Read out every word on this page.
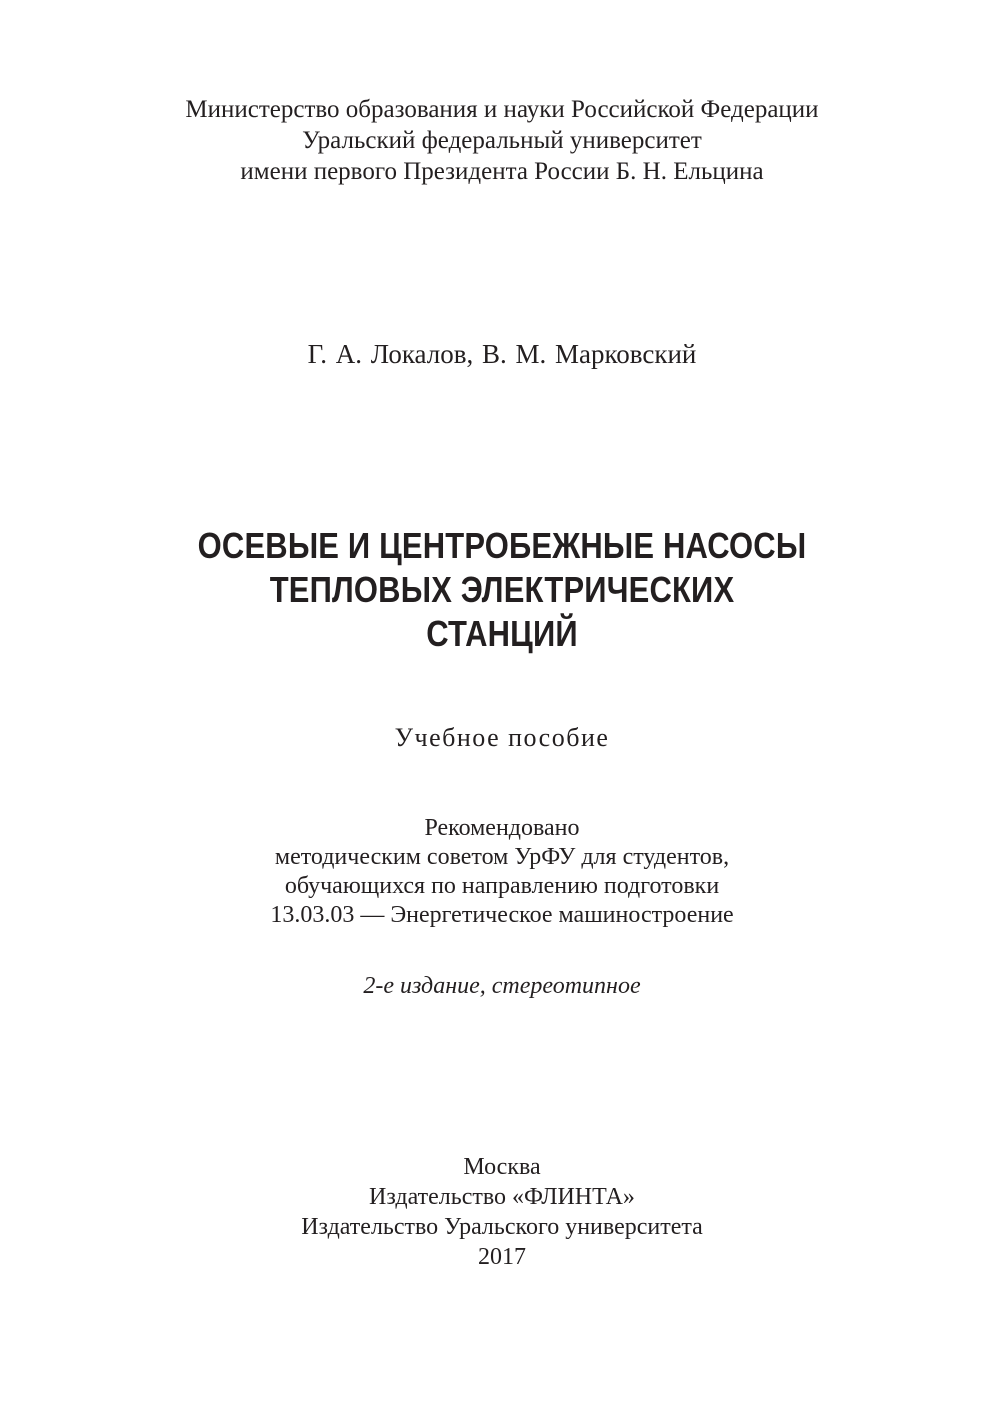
Министерство образования и науки Российской Федерации
Уральский федеральный университет
имени первого Президента России Б. Н. Ельцина
Г. А. Локалов, В. М. Марковский
ОСЕВЫЕ И ЦЕНТРОБЕЖНЫЕ НАСОСЫ
ТЕПЛОВЫХ ЭЛЕКТРИЧЕСКИХ
СТАНЦИЙ
Учебное пособие
Рекомендовано
методическим советом УрФУ для студентов,
обучающихся по направлению подготовки
13.03.03 — Энергетическое машиностроение
2-е издание, стереотипное
Москва
Издательство «ФЛИНТА»
Издательство Уральского университета
2017
